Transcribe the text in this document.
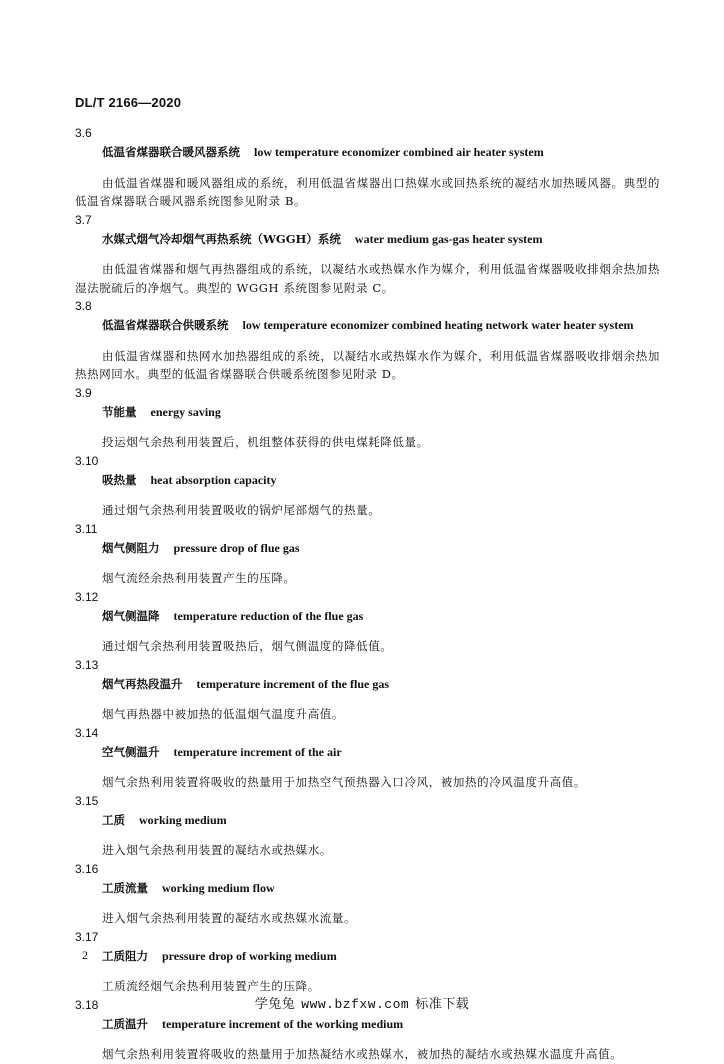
DL/T 2166—2020
3.6
低温省煤器联合暖风器系统 low temperature economizer combined air heater system

由低温省煤器和暖风器组成的系统，利用低温省煤器出口热媒水或回热系统的凝结水加热暖风器。典型的低温省煤器联合暖风器系统图参见附录 B。

3.7
水媒式烟气冷却烟气再热系统（WGGH）系统 water medium gas-gas heater system

由低温省煤器和烟气再热器组成的系统，以凝结水或热媒水作为媒介，利用低温省煤器吸收排烟余热加热湿法脱硫后的净烟气。典型的 WGGH 系统图参见附录 C。

3.8
低温省煤器联合供暖系统 low temperature economizer combined heating network water heater system

由低温省煤器和热网水加热器组成的系统，以凝结水或热媒水作为媒介，利用低温省煤器吸收排烟余热加热热网回水。典型的低温省煤器联合供暖系统图参见附录 D。

3.9
节能量 energy saving

投运烟气余热利用装置后，机组整体获得的供电煤耗降低量。

3.10
吸热量 heat absorption capacity

通过烟气余热利用装置吸收的锅炉尾部烟气的热量。

3.11
烟气侧阻力 pressure drop of flue gas

烟气流经余热利用装置产生的压降。

3.12
烟气侧温降 temperature reduction of the flue gas

通过烟气余热利用装置吸热后，烟气侧温度的降低值。

3.13
烟气再热段温升 temperature increment of the flue gas

烟气再热器中被加热的低温烟气温度升高值。

3.14
空气侧温升 temperature increment of the air

烟气余热利用装置将吸收的热量用于加热空气预热器入口冷风，被加热的冷风温度升高值。

3.15
工质 working medium

进入烟气余热利用装置的凝结水或热媒水。

3.16
工质流量 working medium flow

进入烟气余热利用装置的凝结水或热媒水流量。

3.17
工质阻力 pressure drop of working medium

工质流经烟气余热利用装置产生的压降。

3.18
工质温升 temperature increment of the working medium

烟气余热利用装置将吸收的热量用于加热凝结水或热媒水，被加热的凝结水或热媒水温度升高值。

2
学兔兔 www.bzfxw.com 标准下载
